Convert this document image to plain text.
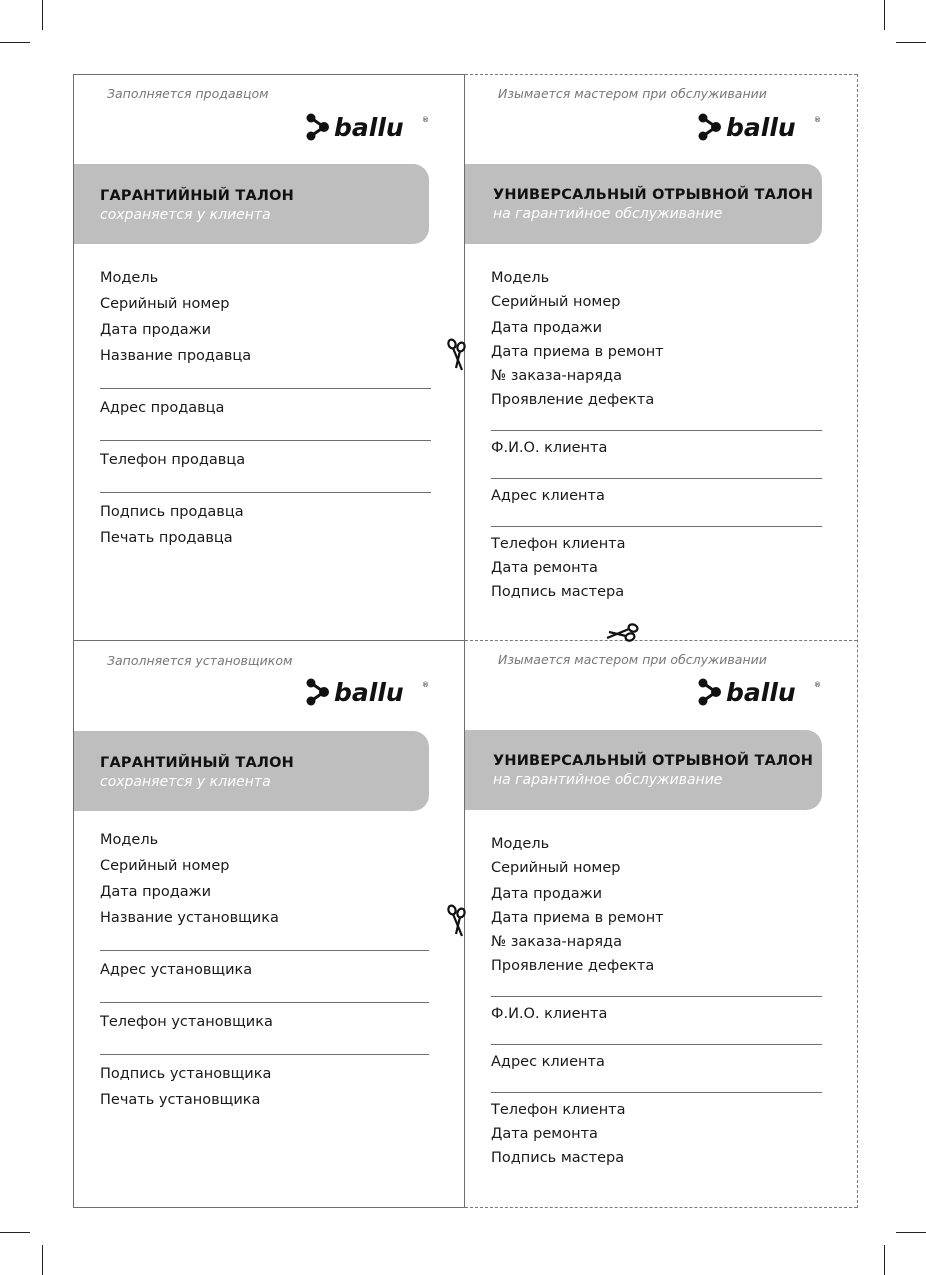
Заполняется продавцом
ballu	®
ГАРАНТИЙНЫЙ ТАЛОН
сохраняется у клиента
Модель
Серийный номер
Дата продажи
Название продавца
Адрес продавца
Телефон продавца
Подпись продавца
Печать продавца
Изымается мастером при обслуживании
ballu	®
УНИВЕРСАЛЬНЫЙ ОТРЫВНОЙ ТАЛОН
на гарантийное обслуживание
Модель
Серийный номер
Дата продажи
Дата приема в ремонт
№ заказа-наряда
Проявление дефекта
Ф.И.О. клиента
Адрес клиента
Телефон клиента
Дата ремонта
Подпись мастера
Заполняется установщиком
ballu	®
ГАРАНТИЙНЫЙ ТАЛОН
сохраняется у клиента
Модель
Серийный номер
Дата продажи
Название установщика
Адрес установщика
Телефон установщика
Подпись установщика
Печать установщика
Изымается мастером при обслуживании
ballu	®
УНИВЕРСАЛЬНЫЙ ОТРЫВНОЙ ТАЛОН
на гарантийное обслуживание
Модель
Серийный номер
Дата продажи
Дата приема в ремонт
№ заказа-наряда
Проявление дефекта
Ф.И.О. клиента
Адрес клиента
Телефон клиента
Дата ремонта
Подпись мастера
